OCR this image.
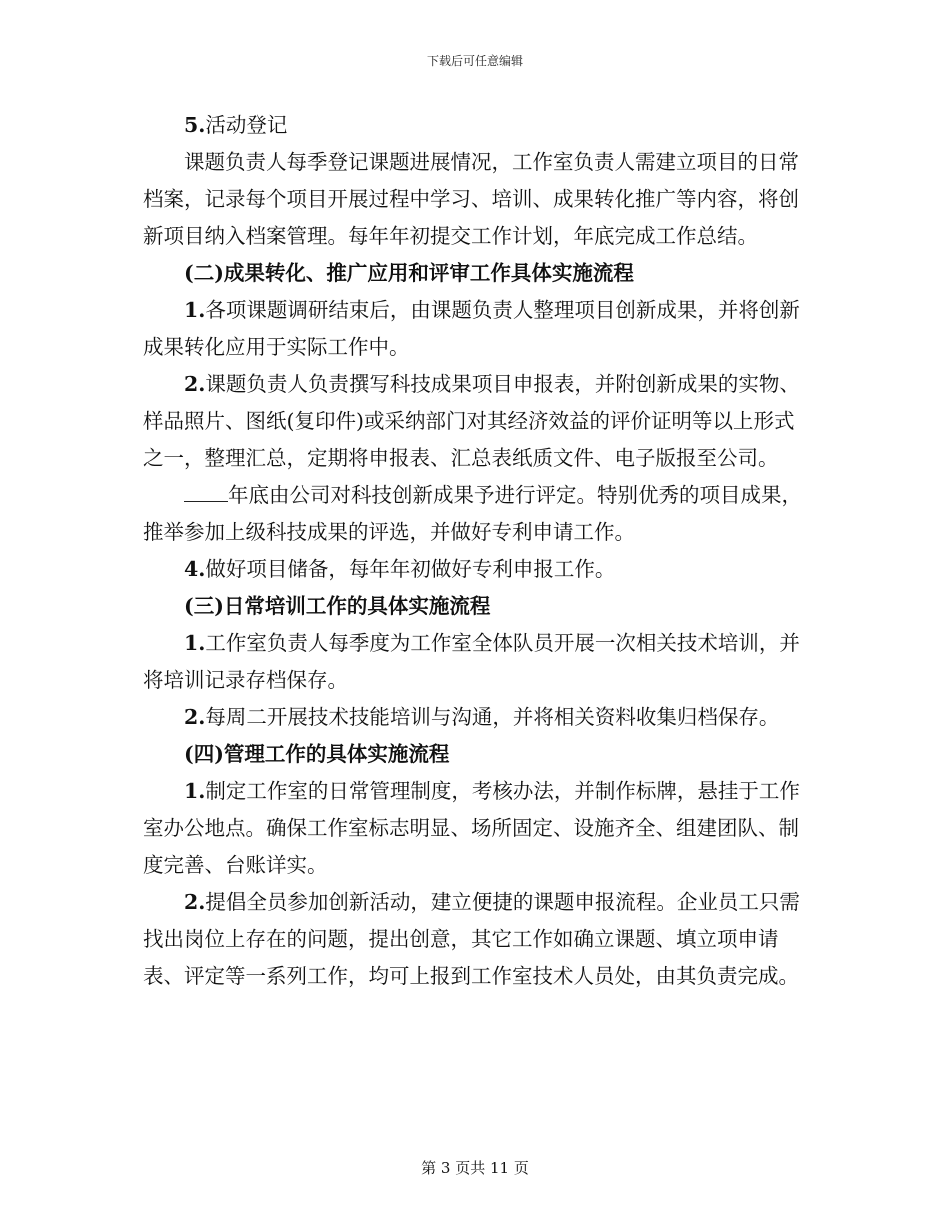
下载后可任意编辑

5.活动登记

课题负责人每季登记课题进展情况，工作室负责人需建立项目的日常档案，记录每个项目开展过程中学习、培训、成果转化推广等内容，将创新项目纳入档案管理。每年年初提交工作计划，年底完成工作总结。

(二)成果转化、推广应用和评审工作具体实施流程

1.各项课题调研结束后，由课题负责人整理项目创新成果，并将创新成果转化应用于实际工作中。

2.课题负责人负责撰写科技成果项目申报表，并附创新成果的实物、样品照片、图纸(复印件)或采纳部门对其经济效益的评价证明等以上形式之一，整理汇总，定期将申报表、汇总表纸质文件、电子版报至公司。

年底由公司对科技创新成果予进行评定。特别优秀的项目成果，推举参加上级科技成果的评选，并做好专利申请工作。

4.做好项目储备，每年年初做好专利申报工作。

(三)日常培训工作的具体实施流程

1.工作室负责人每季度为工作室全体队员开展一次相关技术培训，并将培训记录存档保存。

2.每周二开展技术技能培训与沟通，并将相关资料收集归档保存。

(四)管理工作的具体实施流程

1.制定工作室的日常管理制度，考核办法，并制作标牌，悬挂于工作室办公地点。确保工作室标志明显、场所固定、设施齐全、组建团队、制度完善、台账详实。

2.提倡全员参加创新活动，建立便捷的课题申报流程。企业员工只需找出岗位上存在的问题，提出创意，其它工作如确立课题、填立项申请表、评定等一系列工作，均可上报到工作室技术人员处，由其负责完成。

第 3 页共 11 页
